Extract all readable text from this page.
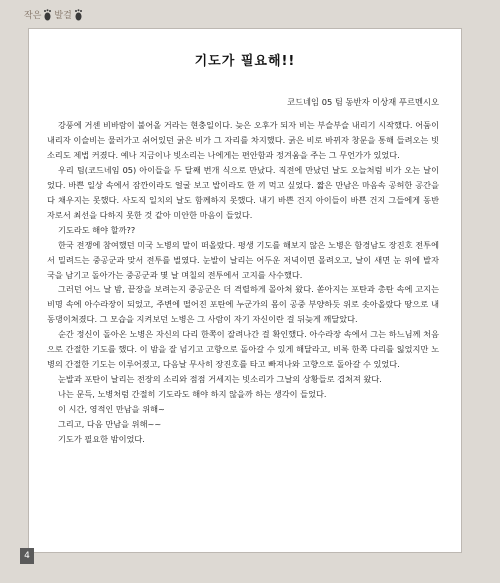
작은 발걸
기도가 필요해!!
코드네임 05 팀 동반자 이상재 푸르멘시오

강풍에 거센 비바람이 불어올 거라는 현충일이다. 늦은 오후가 되자 비는 부슬부슬 내리기 시작했다. 어둠이 내리자 이슬비는 물러가고 쉬어있던 굵은 비가 그 자리를 차지했다. 굵은 비로 바뀌자 창문을 통해 들려오는 빗소리도 제법 커졌다. 예나 지금이나 빗소리는 나에게는 편안함과 정겨움을 주는 그 무언가가 있었다.

우리 팀(코드네임 05) 아이들을 두 달째 번개 식으로 만났다. 직전에 만났던 날도 오늘처럼 비가 오는 날이었다. 바쁜 일상 속에서 잠깐이라도 얼굴 보고 밥이라도 한 끼 먹고 싶었다. 짧은 만남은 마음속 공허한 공간을 다 채우지는 못했다. 사도직 일치의 날도 함께하지 못했다. 내기 바쁜 건지 아이들이 바쁜 건지 그들에게 동반자로서 최선을 다하지 못한 것 같아 미안한 마음이 들었다.

기도라도 해야 할까??

한국 전쟁에 참여했던 미국 노병의 말이 떠올랐다. 평생 기도를 해보지 않은 노병은 함경남도 장진호 전투에서 밀려드는 중공군과 맞서 전투를 벌였다. 눈발이 날리는 어두운 저녁이면 몰려오고, 날이 새면 눈 위에 발자국을 남기고 돌아가는 중공군과 몇 날 며칠의 전투에서 고지를 사수했다.

그러던 어느 날 밤, 끝장을 보려는지 중공군은 더 격렬하게 몰아쳐 왔다. 쏟아지는 포탄과 총탄 속에 고지는 비명 속에 아수라장이 되었고, 주변에 떨어진 포탄에 누군가의 몸이 공중 부양하듯 위로 솟아올랐다 땅으로 내동댕이쳐졌다. 그 모습을 지켜보던 노병은 그 사람이 자기 자신이란 걸 뒤늦게 깨달았다.

순간 정신이 돌아온 노병은 자신의 다리 한쪽이 잘려나간 걸 확인했다. 아수라장 속에서 그는 하느님께 처음으로 간절한 기도를 했다. 이 밤을 잘 넘기고 고향으로 돌아갈 수 있게 해달라고, 비록 한쪽 다리를 잃었지만 노병의 간절한 기도는 이루어졌고, 다음날 무사히 장진호를 타고 빠져나와 고향으로 돌아갈 수 있었다.

눈발과 포탄이 날리는 전장의 소리와 점점 거세지는 빗소리가 그날의 상황들로 겹쳐져 왔다.

나는 문득, 노병처럼 간절히 기도라도 해야 하지 않을까 하는 생각이 들었다.

이 시간, 영적인 만남을 위해~

그리고, 다음 만남을 위해~~

기도가 필요한 밤이었다.

4
